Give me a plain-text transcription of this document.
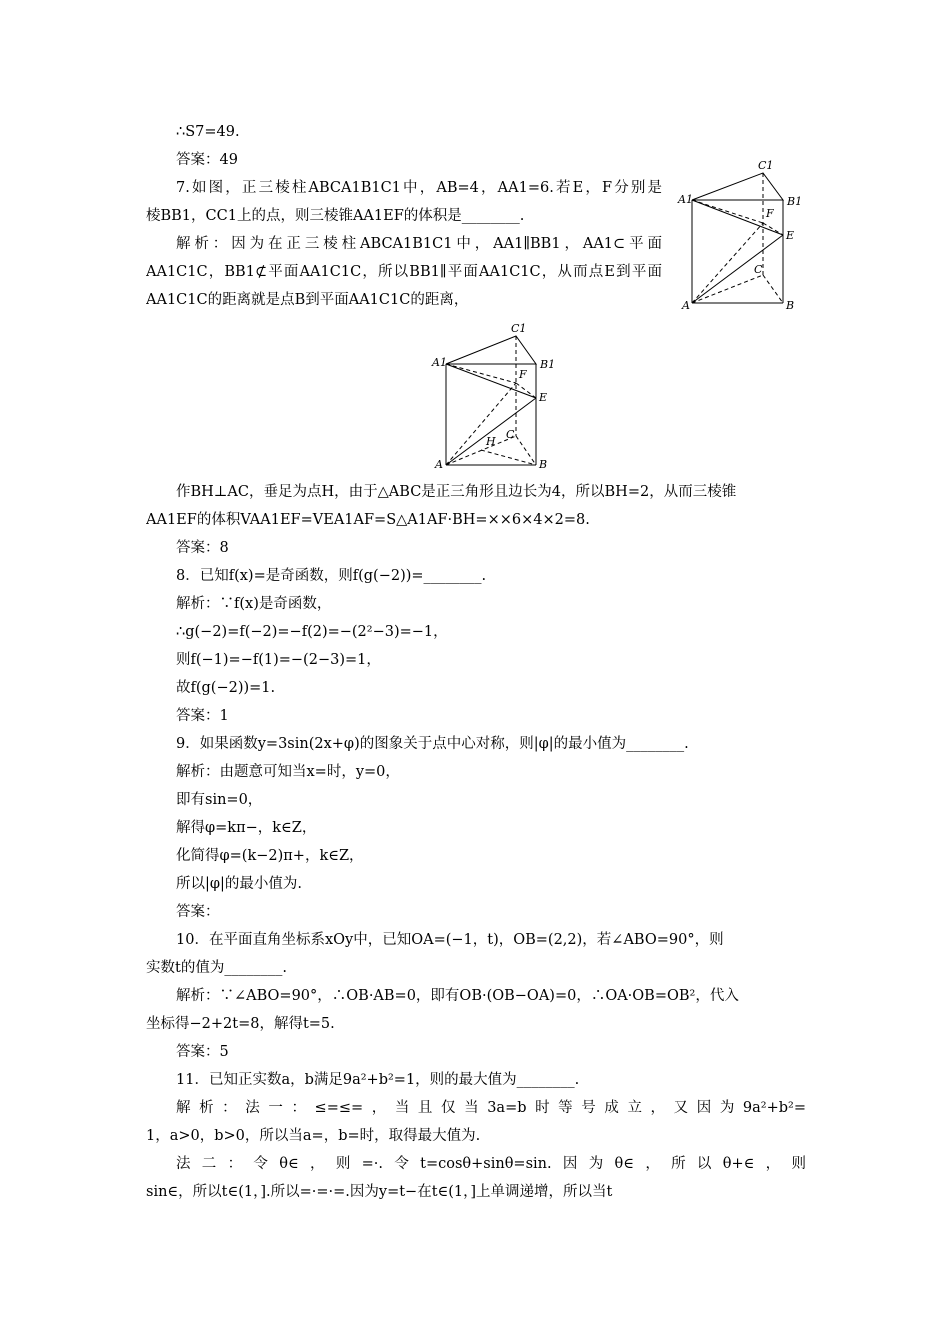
∴S7=49.
答案：49
7.如图，正三棱柱ABCA1B1C1中，AB=4，AA1=6.若E，F分别是
棱BB1，CC1上的点，则三棱锥AA1EF的体积是________.
解析：因为在正三棱柱ABCA1B1C1中，AA1∥BB1，AA1⊂平面
AA1C1C，BB1⊄平面AA1C1C，所以BB1∥平面AA1C1C，从而点E到平面
AA1C1C的距离就是点B到平面AA1C1C的距离，
A1
C1
B1
F
E
C
A	B
A1
C1
B1
F
E
C
H
A	B
作BH⊥AC，垂足为点H，由于△ABC是正三角形且边长为4，所以BH=2，从而三棱锥
AA1EF的体积VAA1EF=VEA1AF=S△A1AF·BH=××6×4×2=8.
答案：8
8．已知f(x)=是奇函数，则f(g(−2))=________.
解析：∵f(x)是奇函数，
∴g(−2)=f(−2)=−f(2)=−(2²−3)=−1，
则f(−1)=−f(1)=−(2−3)=1，
故f(g(−2))=1.
答案：1
9．如果函数y=3sin(2x+φ)的图象关于点中心对称，则|φ|的最小值为________.
解析：由题意可知当x=时，y=0，
即有sin=0，
解得φ=kπ−，k∈Z，
化简得φ=(k−2)π+，k∈Z，
所以|φ|的最小值为.
答案：
10．在平面直角坐标系xOy中，已知OA=(−1，t)，OB=(2,2)，若∠ABO=90°，则
实数t的值为________.
解析：∵∠ABO=90°，∴OB·AB=0，即有OB·(OB−OA)=0，∴OA·OB=OB²，代入
坐标得−2+2t=8，解得t=5.
答案：5
11．已知正实数a，b满足9a²+b²=1，则的最大值为________.
解析：法一：≤=≤=，当且仅当3a=b时等号成立，又因为9a²+b²=
1，a>0，b>0，所以当a=，b=时，取得最大值为.
法二：令θ∈，则=·.令t=cosθ+sinθ=sin.因为θ∈，所以θ+∈，则
sin∈，所以t∈(1，].所以=·=·=.因为y=t−在t∈(1，]上单调递增，所以当t
